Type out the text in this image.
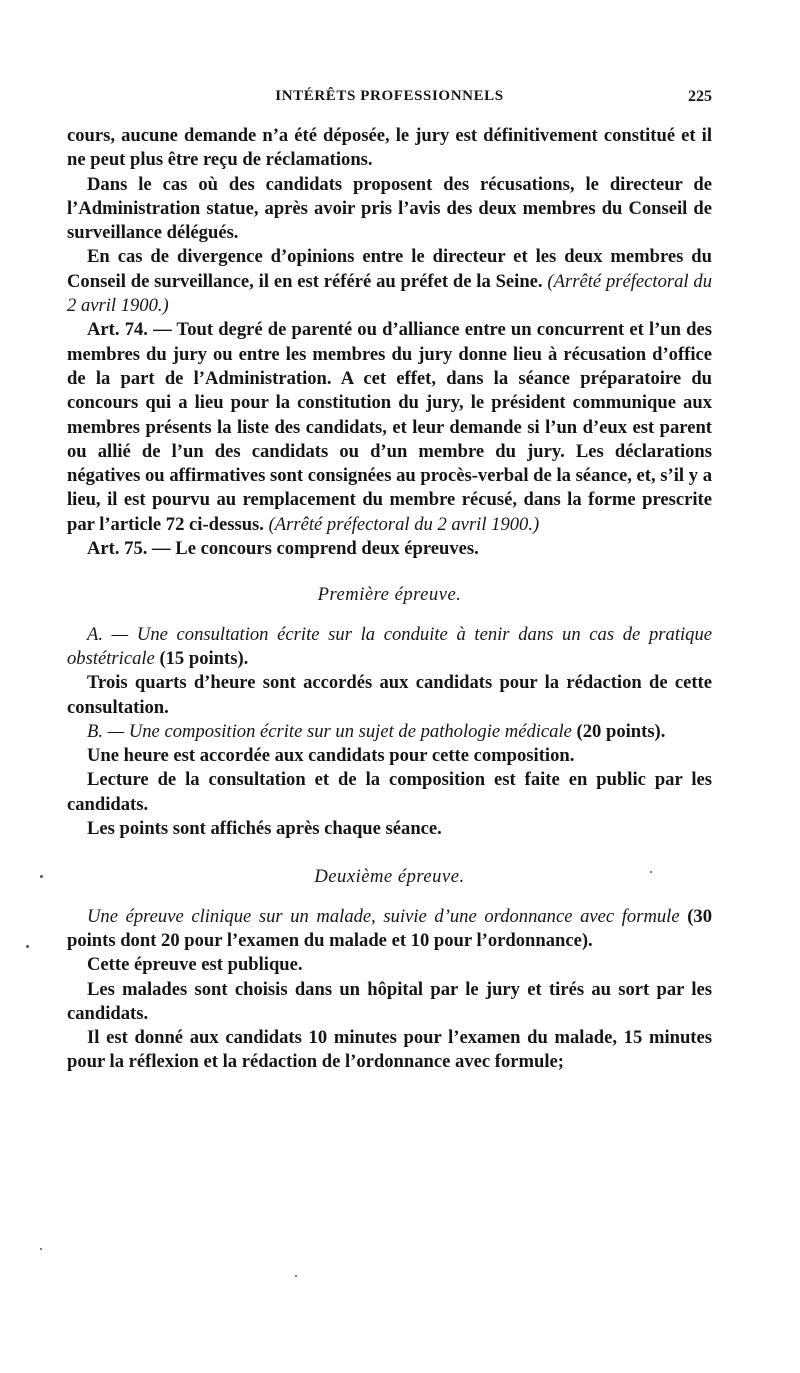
INTÉRÊTS PROFESSIONNELS	225

cours, aucune demande n’a été déposée, le jury est définitivement constitué et il ne peut plus être reçu de réclamations.

Dans le cas où des candidats proposent des récusations, le directeur de l’Administration statue, après avoir pris l’avis des deux membres du Conseil de surveillance délégués.

En cas de divergence d’opinions entre le directeur et les deux membres du Conseil de surveillance, il en est référé au préfet de la Seine. (Arrêté préfectoral du 2 avril 1900.)

Art. 74. — Tout degré de parenté ou d’alliance entre un concurrent et l’un des membres du jury ou entre les membres du jury donne lieu à récusation d’office de la part de l’Administration. A cet effet, dans la séance préparatoire du concours qui a lieu pour la constitution du jury, le président communique aux membres présents la liste des candidats, et leur demande si l’un d’eux est parent ou allié de l’un des candidats ou d’un membre du jury. Les déclarations négatives ou affirmatives sont consignées au procès-verbal de la séance, et, s’il y a lieu, il est pourvu au remplacement du membre récusé, dans la forme prescrite par l’article 72 ci-dessus. (Arrêté préfectoral du 2 avril 1900.)

Art. 75. — Le concours comprend deux épreuves.

Première épreuve.

A. — Une consultation écrite sur la conduite à tenir dans un cas de pratique obstétricale (15 points).

Trois quarts d’heure sont accordés aux candidats pour la rédaction de cette consultation.

B. — Une composition écrite sur un sujet de pathologie médicale (20 points).

Une heure est accordée aux candidats pour cette composition.

Lecture de la consultation et de la composition est faite en public par les candidats.

Les points sont affichés après chaque séance.

Deuxième épreuve.

Une épreuve clinique sur un malade, suivie d’une ordonnance avec formule (30 points dont 20 pour l’examen du malade et 10 pour l’ordonnance).

Cette épreuve est publique.

Les malades sont choisis dans un hôpital par le jury et tirés au sort par les candidats.

Il est donné aux candidats 10 minutes pour l’examen du malade, 15 minutes pour la réflexion et la rédaction de l’ordonnance avec formule;
